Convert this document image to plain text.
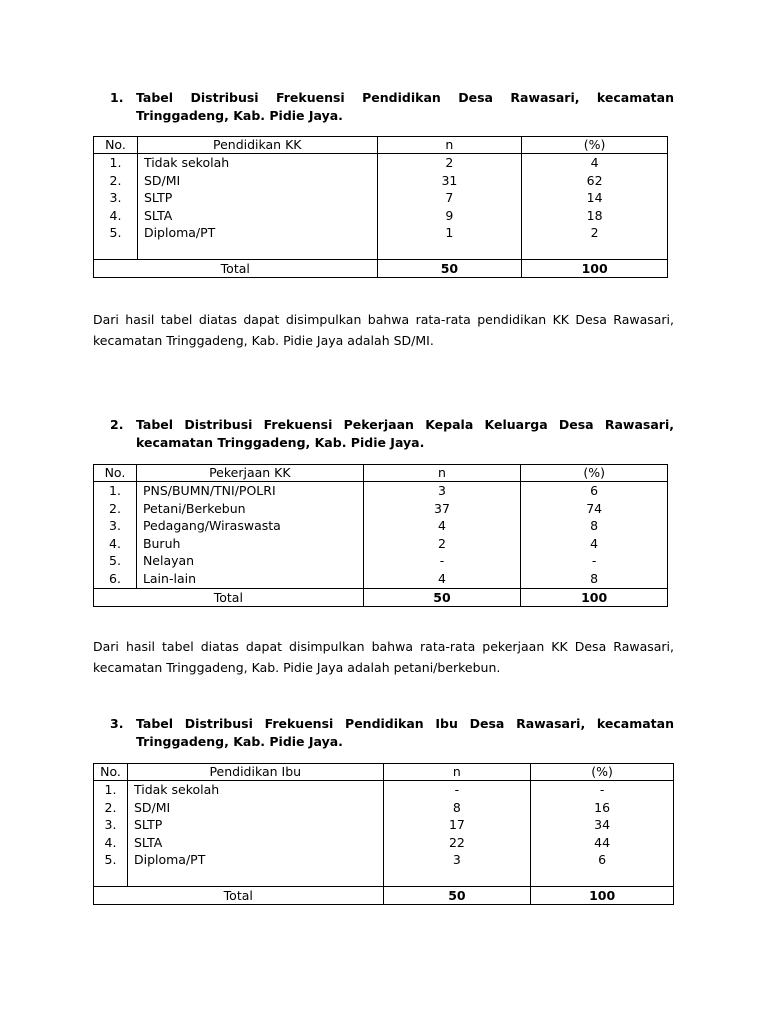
1. Tabel Distribusi Frekuensi Pendidikan Desa Rawasari, kecamatan Tringgadeng, Kab. Pidie Jaya.
No.	Pendidikan KK	n	(%)
1.	Tidak sekolah	2	4
2.	SD/MI	31	62
3.	SLTP	7	14
4.	SLTA	9	18
5.	Diploma/PT	1	2
Total		50	100
Dari hasil tabel diatas dapat disimpulkan bahwa rata-rata pendidikan KK Desa Rawasari, kecamatan Tringgadeng, Kab. Pidie Jaya adalah SD/MI.
2. Tabel Distribusi Frekuensi Pekerjaan Kepala Keluarga Desa Rawasari, kecamatan Tringgadeng, Kab. Pidie Jaya.
No.	Pekerjaan KK	n	(%)
1.	PNS/BUMN/TNI/POLRI	3	6
2.	Petani/Berkebun	37	74
3.	Pedagang/Wiraswasta	4	8
4.	Buruh	2	4
5.	Nelayan	-	-
6.	Lain-lain	4	8
Total		50	100
Dari hasil tabel diatas dapat disimpulkan bahwa rata-rata pekerjaan KK Desa Rawasari, kecamatan Tringgadeng, Kab. Pidie Jaya adalah petani/berkebun.
3. Tabel Distribusi Frekuensi Pendidikan Ibu Desa Rawasari, kecamatan Tringgadeng, Kab. Pidie Jaya.
No.	Pendidikan Ibu	n	(%)
1.	Tidak sekolah	-	-
2.	SD/MI	8	16
3.	SLTP	17	34
4.	SLTA	22	44
5.	Diploma/PT	3	6
Total		50	100
